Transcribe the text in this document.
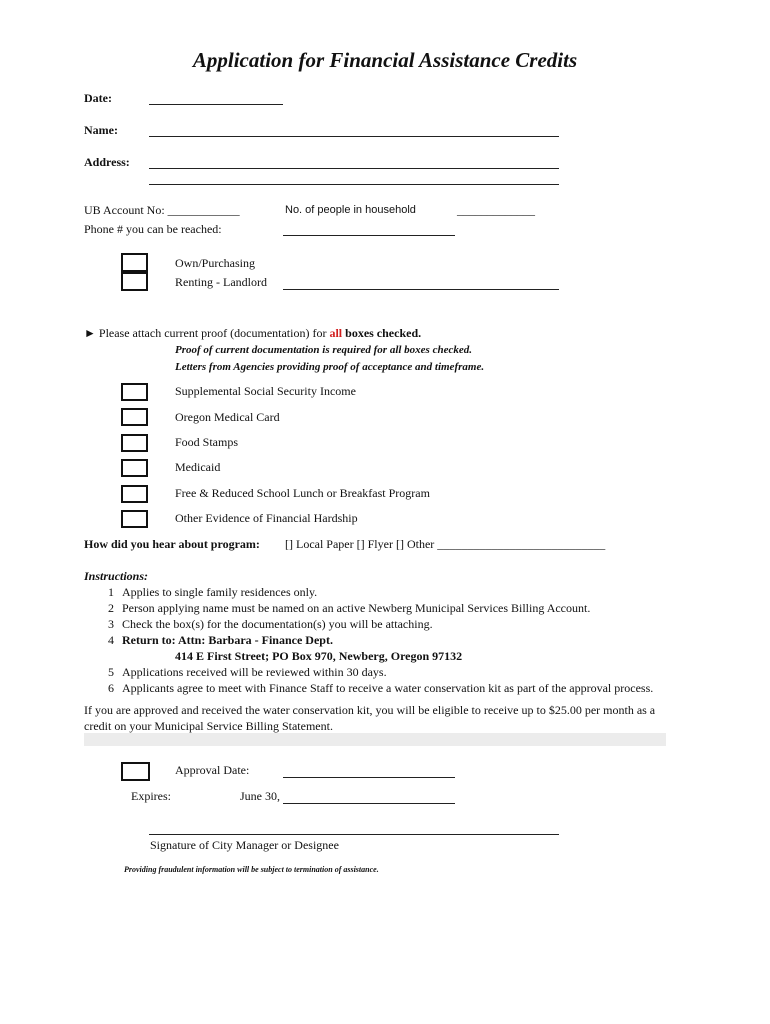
Application for Financial Assistance Credits
Date:
Name:
Address:
UB Account No: ____________	No. of people in household	_____________
Phone # you can be reached:
Own/Purchasing
Renting - Landlord
► Please attach current proof (documentation) for all boxes checked.
Proof of current documentation is required for all boxes checked.
Letters from Agencies providing proof of acceptance and timeframe.
Supplemental Social Security Income
Oregon Medical Card
Food Stamps
Medicaid
Free & Reduced School Lunch or Breakfast Program
Other Evidence of Financial Hardship
How did you hear about program: [] Local Paper [] Flyer [] Other ____________________________
Instructions:
1 Applies to single family residences only.
2 Person applying name must be named on an active Newberg Municipal Services Billing Account.
3 Check the box(s) for the documentation(s) you will be attaching.
4 Return to: Attn: Barbara - Finance Dept.
414 E First Street; PO Box 970, Newberg, Oregon 97132
5 Applications received will be reviewed within 30 days.
6 Applicants agree to meet with Finance Staff to receive a water conservation kit as part of the approval process.
If you are approved and received the water conservation kit, you will be eligible to receive up to $25.00 per month as a
credit on your Municipal Service Billing Statement.
Approval Date:
Expires:	June 30,
Signature of City Manager or Designee
Providing fraudulent information will be subject to termination of assistance.
